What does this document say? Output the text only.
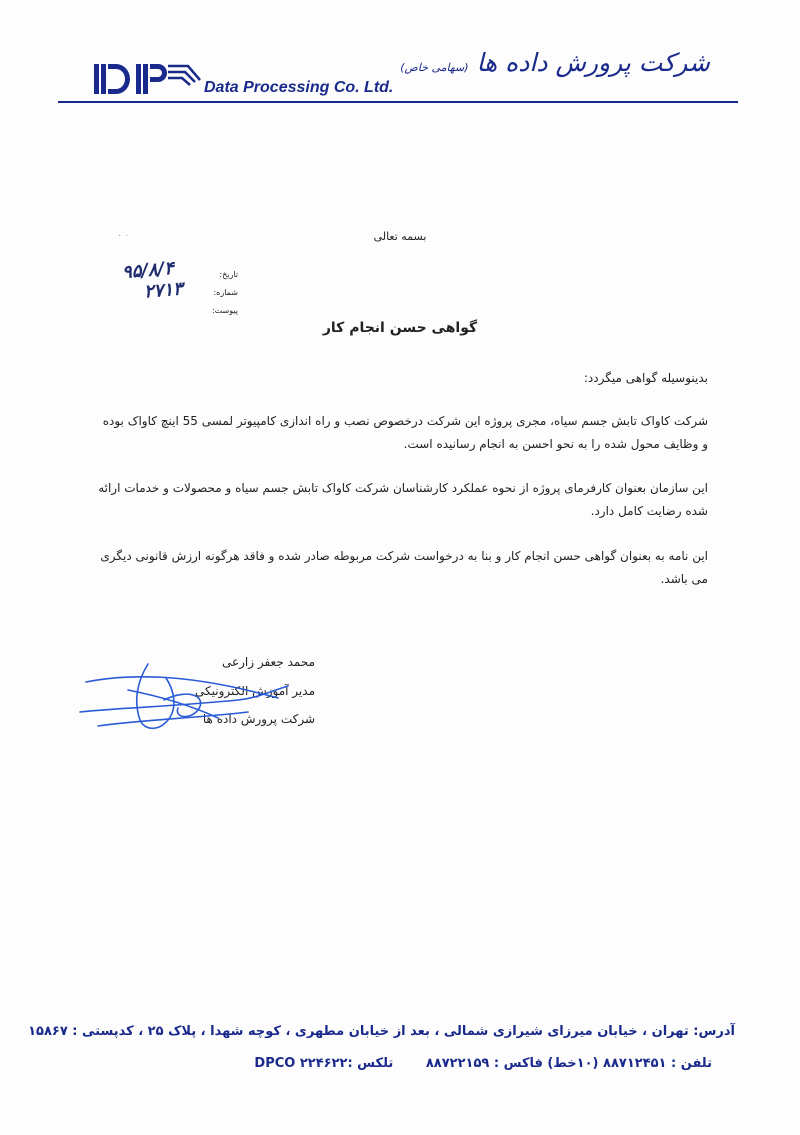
Data Processing Co. Ltd.
شرکت پرورش داده ها (سهامی خاص)
··	بسمه تعالی
تاریخ:
۹۵/۸/۴
شماره:
۲۷۱۳
پیوست:
گواهی حسن انجام کار
بدینوسیله گواهی میگردد:
شرکت کاواک تابش جسم سیاه، مجری پروژه این شرکت درخصوص نصب و راه اندازی کامپیوتر لمسی 55 اینچ کاواک بوده و وظایف محول شده را به نحو احسن به انجام رسانیده است.
این سازمان بعنوان کارفرمای پروژه از نحوه عملکرد کارشناسان شرکت کاواک تابش جسم سیاه و محصولات و خدمات ارائه شده رضایت کامل دارد.
این نامه به بعنوان گواهی حسن انجام کار و بنا به درخواست شرکت مربوطه صادر شده و فاقد هرگونه ارزش قانونی دیگری می باشد.
محمد جعفر زارعی
مدیر آموزش الکترونیکی
شرکت پرورش داده ها
آدرس: تهران ، خیابان میرزای شیرازی شمالی ، بعد از خیابان مطهری ، کوچه شهدا ، پلاک ۲۵ ، کدپستی : ۱۵۸۶۷
تلفن : ۸۸۷۱۲۴۵۱ (۱۰خط) فاکس : ۸۸۷۲۲۱۵۹ تلکس :DPCO ۲۲۴۶۲۲
